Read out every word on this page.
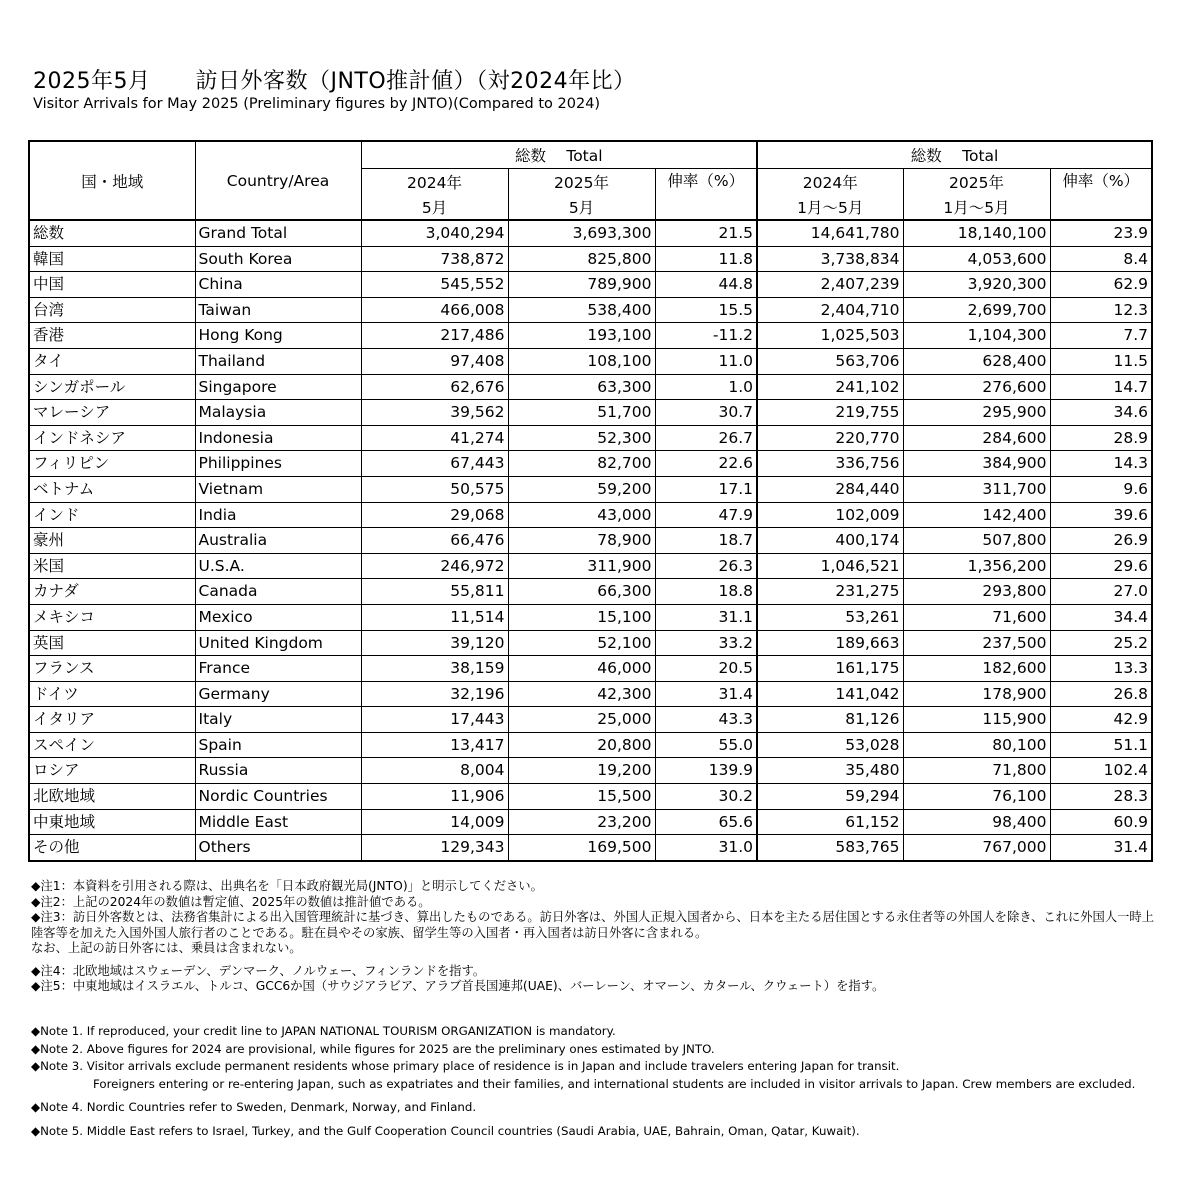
2025年5月　　訪日外客数（JNTO推計値）（対2024年比）
Visitor Arrivals for May 2025 (Preliminary figures by JNTO)(Compared to 2024)
国・地域	Country/Area	総数　 Total			総数　 Total		
		2024年	2025年	伸率（%）	2024年	2025年	伸率（%）
		5月	5月		1月～5月	1月～5月	
総数	Grand Total	3,040,294	3,693,300	21.5	14,641,780	18,140,100	23.9
韓国	South Korea	738,872	825,800	11.8	3,738,834	4,053,600	8.4
中国	China	545,552	789,900	44.8	2,407,239	3,920,300	62.9
台湾	Taiwan	466,008	538,400	15.5	2,404,710	2,699,700	12.3
香港	Hong Kong	217,486	193,100	-11.2	1,025,503	1,104,300	7.7
タイ	Thailand	97,408	108,100	11.0	563,706	628,400	11.5
シンガポール	Singapore	62,676	63,300	1.0	241,102	276,600	14.7
マレーシア	Malaysia	39,562	51,700	30.7	219,755	295,900	34.6
インドネシア	Indonesia	41,274	52,300	26.7	220,770	284,600	28.9
フィリピン	Philippines	67,443	82,700	22.6	336,756	384,900	14.3
ベトナム	Vietnam	50,575	59,200	17.1	284,440	311,700	9.6
インド	India	29,068	43,000	47.9	102,009	142,400	39.6
豪州	Australia	66,476	78,900	18.7	400,174	507,800	26.9
米国	U.S.A.	246,972	311,900	26.3	1,046,521	1,356,200	29.6
カナダ	Canada	55,811	66,300	18.8	231,275	293,800	27.0
メキシコ	Mexico	11,514	15,100	31.1	53,261	71,600	34.4
英国	United Kingdom	39,120	52,100	33.2	189,663	237,500	25.2
フランス	France	38,159	46,000	20.5	161,175	182,600	13.3
ドイツ	Germany	32,196	42,300	31.4	141,042	178,900	26.8
イタリア	Italy	17,443	25,000	43.3	81,126	115,900	42.9
スペイン	Spain	13,417	20,800	55.0	53,028	80,100	51.1
ロシア	Russia	8,004	19,200	139.9	35,480	71,800	102.4
北欧地域	Nordic Countries	11,906	15,500	30.2	59,294	76,100	28.3
中東地域	Middle East	14,009	23,200	65.6	61,152	98,400	60.9
その他	Others	129,343	169,500	31.0	583,765	767,000	31.4

◆注1：本資料を引用される際は、出典名を「日本政府観光局(JNTO)」と明示してください。

◆注2：上記の2024年の数値は暫定値、2025年の数値は推計値である。

◆注3：訪日外客数とは、法務省集計による出入国管理統計に基づき、算出したものである。訪日外客は、外国人正規入国者から、日本を主たる居住国とする永住者等の外国人を除き、これに外国人一時上陸客等を加えた入国外国人旅行者のことである。駐在員やその家族、留学生等の入国者・再入国者は訪日外客に含まれる。

なお、上記の訪日外客には、乗員は含まれない。

◆注4：北欧地域はスウェーデン、デンマーク、ノルウェー、フィンランドを指す。

◆注5：中東地域はイスラエル、トルコ、GCC6か国（サウジアラビア、アラブ首長国連邦(UAE)、バーレーン、オマーン、カタール、クウェート）を指す。

◆Note 1. If reproduced, your credit line to JAPAN NATIONAL TOURISM ORGANIZATION is mandatory.

◆Note 2. Above figures for 2024 are provisional, while figures for 2025 are the preliminary ones estimated by JNTO.

◆Note 3. Visitor arrivals exclude permanent residents whose primary place of residence is in Japan and include travelers entering Japan for transit.

Foreigners entering or re-entering Japan, such as expatriates and their families, and international students are included in visitor arrivals to Japan. Crew members are excluded.

◆Note 4. Nordic Countries refer to Sweden, Denmark, Norway, and Finland.

◆Note 5. Middle East refers to Israel, Turkey, and the Gulf Cooperation Council countries (Saudi Arabia, UAE, Bahrain, Oman, Qatar, Kuwait).
